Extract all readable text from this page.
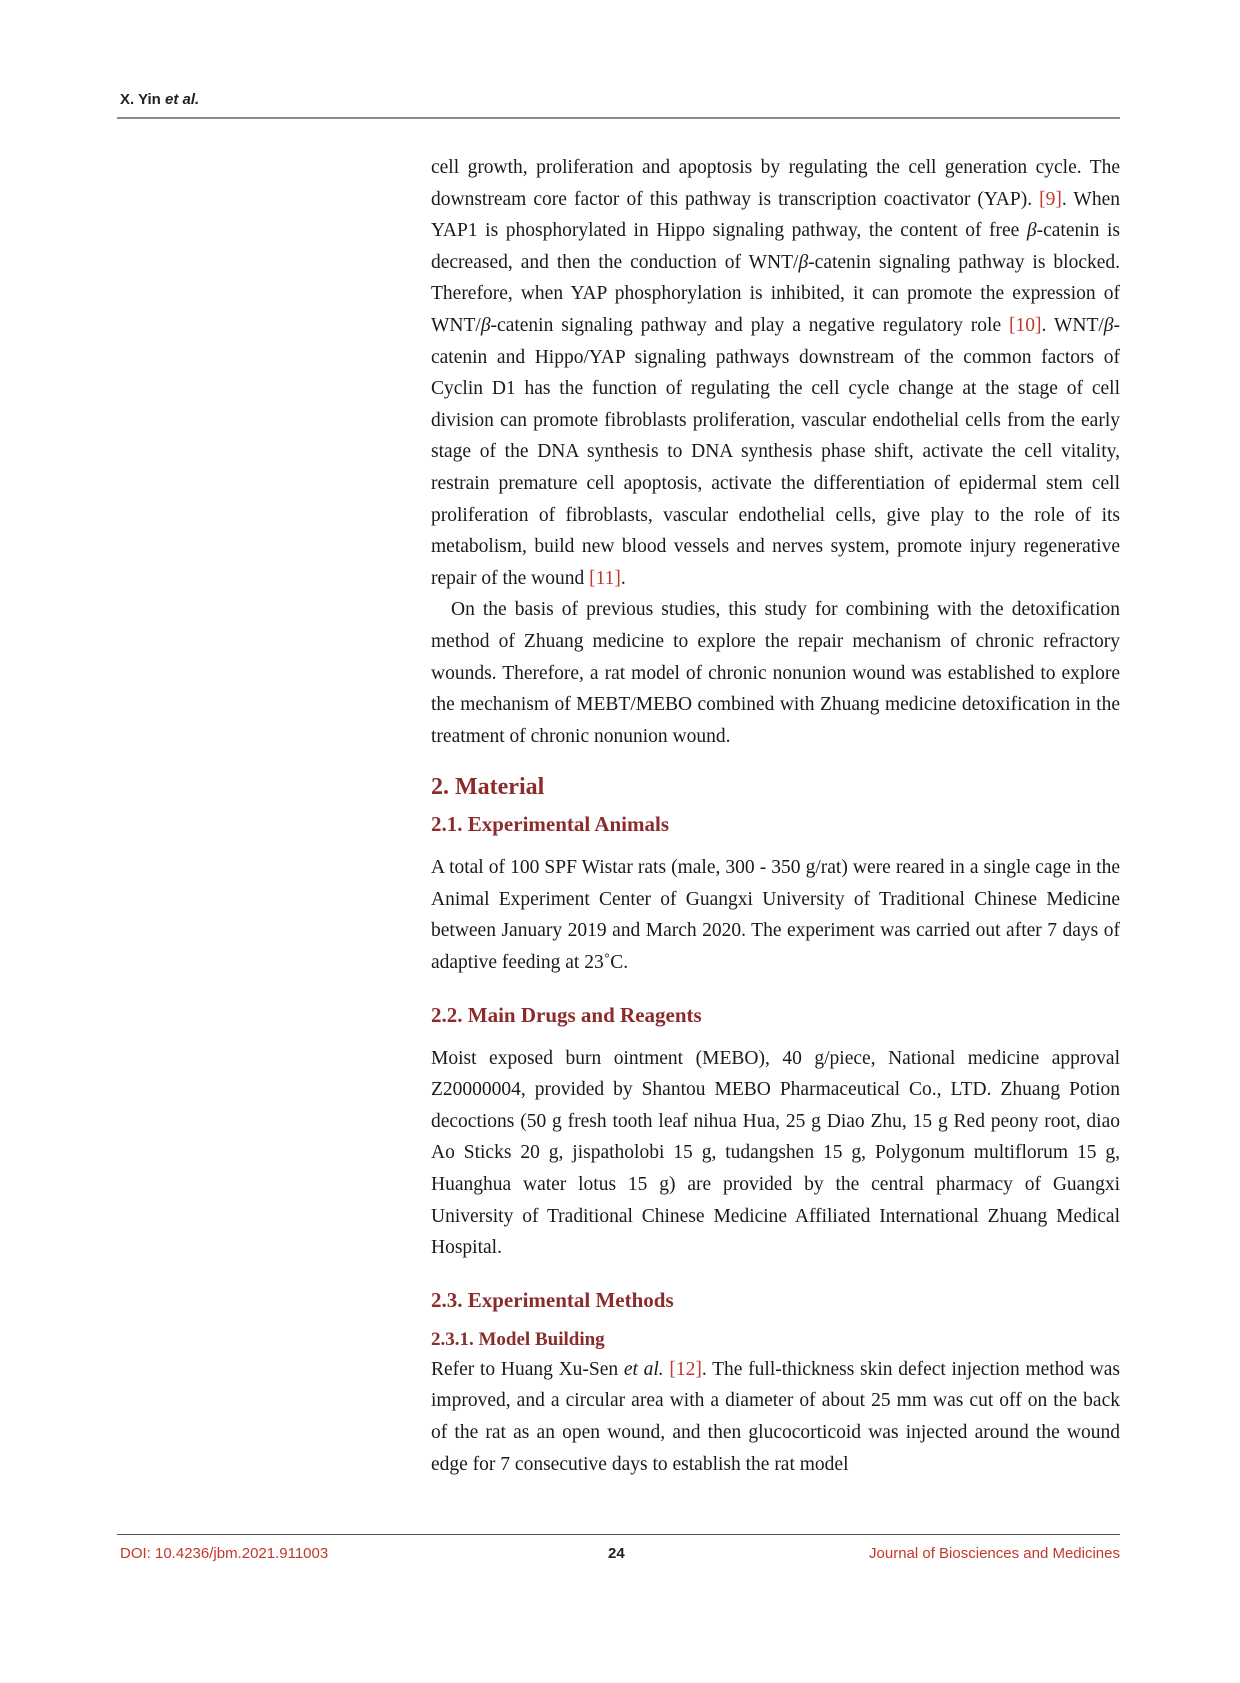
X. Yin et al.

cell growth, proliferation and apoptosis by regulating the cell generation cycle. The downstream core factor of this pathway is transcription coactivator (YAP). [9]. When YAP1 is phosphorylated in Hippo signaling pathway, the content of free β-catenin is decreased, and then the conduction of WNT/β-catenin signaling pathway is blocked. Therefore, when YAP phosphorylation is inhibited, it can promote the expression of WNT/β-catenin signaling pathway and play a negative regulatory role [10]. WNT/β-catenin and Hippo/YAP signaling pathways downstream of the common factors of Cyclin D1 has the function of regulating the cell cycle change at the stage of cell division can promote fibroblasts proliferation, vascular endothelial cells from the early stage of the DNA synthesis to DNA synthesis phase shift, activate the cell vitality, restrain premature cell apoptosis, activate the differentiation of epidermal stem cell proliferation of fibroblasts, vascular endothelial cells, give play to the role of its metabolism, build new blood vessels and nerves system, promote injury regenerative repair of the wound [11].

On the basis of previous studies, this study for combining with the detoxification method of Zhuang medicine to explore the repair mechanism of chronic refractory wounds. Therefore, a rat model of chronic nonunion wound was established to explore the mechanism of MEBT/MEBO combined with Zhuang medicine detoxification in the treatment of chronic nonunion wound.

2. Material
2.1. Experimental Animals

A total of 100 SPF Wistar rats (male, 300 - 350 g/rat) were reared in a single cage in the Animal Experiment Center of Guangxi University of Traditional Chinese Medicine between January 2019 and March 2020. The experiment was carried out after 7 days of adaptive feeding at 23˚C.

2.2. Main Drugs and Reagents

Moist exposed burn ointment (MEBO), 40 g/piece, National medicine approval Z20000004, provided by Shantou MEBO Pharmaceutical Co., LTD. Zhuang Potion decoctions (50 g fresh tooth leaf nihua Hua, 25 g Diao Zhu, 15 g Red peony root, diao Ao Sticks 20 g, jispatholobi 15 g, tudangshen 15 g, Polygonum multiflorum 15 g, Huanghua water lotus 15 g) are provided by the central pharmacy of Guangxi University of Traditional Chinese Medicine Affiliated International Zhuang Medical Hospital.

2.3. Experimental Methods
2.3.1. Model Building

Refer to Huang Xu-Sen et al. [12]. The full-thickness skin defect injection method was improved, and a circular area with a diameter of about 25 mm was cut off on the back of the rat as an open wound, and then glucocorticoid was injected around the wound edge for 7 consecutive days to establish the rat model

DOI: 10.4236/jbm.2021.911003	24	Journal of Biosciences and Medicines
